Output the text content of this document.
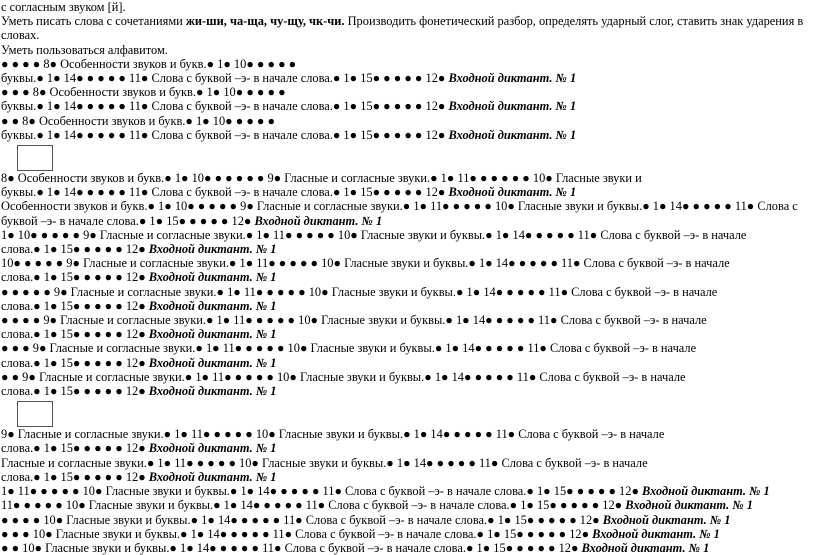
с согласным звуком [й].
Уметь писать слова с сочетаниями жи-ши, ча-ща, чу-щу, чк-чи. Производить фонетический разбор, определять ударный слог, ставить знак ударения в словах.
Уметь пользоваться алфавитом.
● ● ● ● 8● Особенности звуков и букв.● 1● 10● ● ● ● ●
буквы.● 1● 14● ● ● ● ● 11● Слова с буквой –э- в начале слова.● 1● 15● ● ● ● ● 12● Входной диктант. № 1
● ● ● 8● Особенности звуков и букв.● 1● 10● ● ● ● ●
буквы.● 1● 14● ● ● ● ● 11● Слова с буквой –э- в начале слова.● 1● 15● ● ● ● ● 12● Входной диктант. № 1
● ● 8● Особенности звуков и букв.● 1● 10● ● ● ● ●
буквы.● 1● 14● ● ● ● ● 11● Слова с буквой –э- в начале слова.● 1● 15● ● ● ● ● 12● Входной диктант. № 1
8● Особенности звуков и букв.● 1● 10● ● ● ● ● ● 9● Гласные и согласные звуки.● 1● 11● ● ● ● ● ● 10● Гласные звуки и
буквы.● 1● 14● ● ● ● ● 11● Слова с буквой –э- в начале слова.● 1● 15● ● ● ● ● 12● Входной диктант. № 1
Особенности звуков и букв.● 1● 10● ● ● ● ● 9● Гласные и согласные звуки.● 1● 11● ● ● ● ● 10● Гласные звуки и буквы.● 1● 14● ● ● ● ● 11● Слова с
буквой –э- в начале слова.● 1● 15● ● ● ● ● 12● Входной диктант. № 1
1● 10● ● ● ● ● 9● Гласные и согласные звуки.● 1● 11● ● ● ● ● 10● Гласные звуки и буквы.● 1● 14● ● ● ● ● 11● Слова с буквой –э- в начале
слова.● 1● 15● ● ● ● ● 12● Входной диктант. № 1
10● ● ● ● ● 9● Гласные и согласные звуки.● 1● 11● ● ● ● ● 10● Гласные звуки и буквы.● 1● 14● ● ● ● ● 11● Слова с буквой –э- в начале
слова.● 1● 15● ● ● ● ● 12● Входной диктант. № 1
● ● ● ● ● 9● Гласные и согласные звуки.● 1● 11● ● ● ● ● 10● Гласные звуки и буквы.● 1● 14● ● ● ● ● 11● Слова с буквой –э- в начале
слова.● 1● 15● ● ● ● ● 12● Входной диктант. № 1
● ● ● ● 9● Гласные и согласные звуки.● 1● 11● ● ● ● ● 10● Гласные звуки и буквы.● 1● 14● ● ● ● ● 11● Слова с буквой –э- в начале
слова.● 1● 15● ● ● ● ● 12● Входной диктант. № 1
● ● ● 9● Гласные и согласные звуки.● 1● 11● ● ● ● ● 10● Гласные звуки и буквы.● 1● 14● ● ● ● ● 11● Слова с буквой –э- в начале
слова.● 1● 15● ● ● ● ● 12● Входной диктант. № 1
● ● 9● Гласные и согласные звуки.● 1● 11● ● ● ● ● 10● Гласные звуки и буквы.● 1● 14● ● ● ● ● 11● Слова с буквой –э- в начале
слова.● 1● 15● ● ● ● ● 12● Входной диктант. № 1
9● Гласные и согласные звуки.● 1● 11● ● ● ● ● 10● Гласные звуки и буквы.● 1● 14● ● ● ● ● 11● Слова с буквой –э- в начале
слова.● 1● 15● ● ● ● ● 12● Входной диктант. № 1
Гласные и согласные звуки.● 1● 11● ● ● ● ● 10● Гласные звуки и буквы.● 1● 14● ● ● ● ● 11● Слова с буквой –э- в начале
слова.● 1● 15● ● ● ● ● 12● Входной диктант. № 1
1● 11● ● ● ● ● 10● Гласные звуки и буквы.● 1● 14● ● ● ● ● 11● Слова с буквой –э- в начале слова.● 1● 15● ● ● ● ● 12● Входной диктант. № 1
11● ● ● ● ● 10● Гласные звуки и буквы.● 1● 14● ● ● ● ● 11● Слова с буквой –э- в начале слова.● 1● 15● ● ● ● ● 12● Входной диктант. № 1
● ● ● ● 10● Гласные звуки и буквы.● 1● 14● ● ● ● ● 11● Слова с буквой –э- в начале слова.● 1● 15● ● ● ● ● 12● Входной диктант. № 1
● ● ● 10● Гласные звуки и буквы.● 1● 14● ● ● ● ● 11● Слова с буквой –э- в начале слова.● 1● 15● ● ● ● ● 12● Входной диктант. № 1
● ● 10● Гласные звуки и буквы.● 1● 14● ● ● ● ● 11● Слова с буквой –э- в начале слова.● 1● 15● ● ● ● ● 12● Входной диктант. № 1
